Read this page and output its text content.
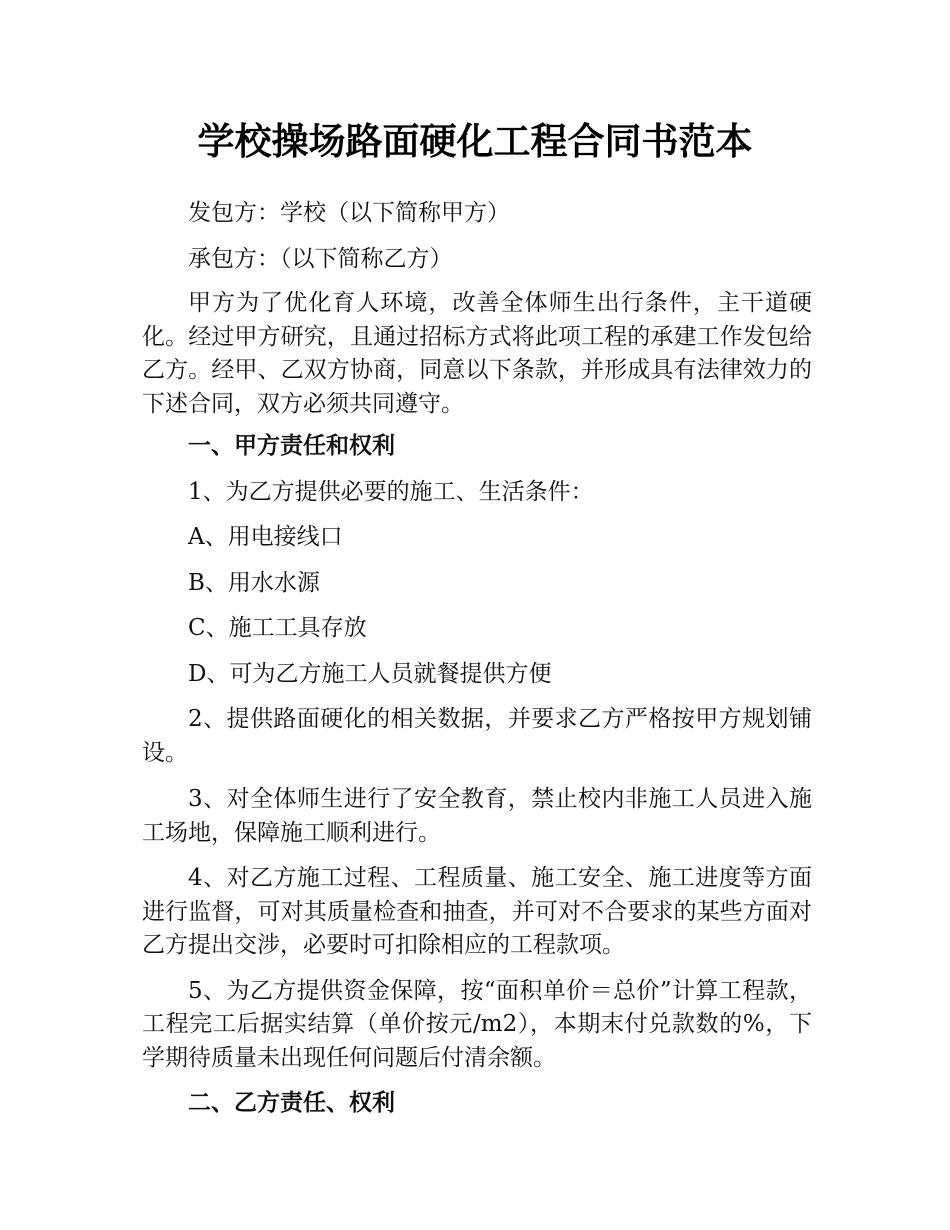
学校操场路面硬化工程合同书范本

发包方：学校（以下简称甲方）

承包方：（以下简称乙方）

甲方为了优化育人环境，改善全体师生出行条件，主干道硬化。经过甲方研究，且通过招标方式将此项工程的承建工作发包给乙方。经甲、乙双方协商，同意以下条款，并形成具有法律效力的下述合同，双方必须共同遵守。

一、甲方责任和权利

1、为乙方提供必要的施工、生活条件：

A、用电接线口

B、用水水源

C、施工工具存放

D、可为乙方施工人员就餐提供方便

2、提供路面硬化的相关数据，并要求乙方严格按甲方规划铺设。

3、对全体师生进行了安全教育，禁止校内非施工人员进入施工场地，保障施工顺利进行。

4、对乙方施工过程、工程质量、施工安全、施工进度等方面进行监督，可对其质量检查和抽查，并可对不合要求的某些方面对乙方提出交涉，必要时可扣除相应的工程款项。

5、为乙方提供资金保障，按“面积单价＝总价”计算工程款，工程完工后据实结算（单价按元/m2），本期末付兑款数的%，下学期待质量未出现任何问题后付清余额。

二、乙方责任、权利
